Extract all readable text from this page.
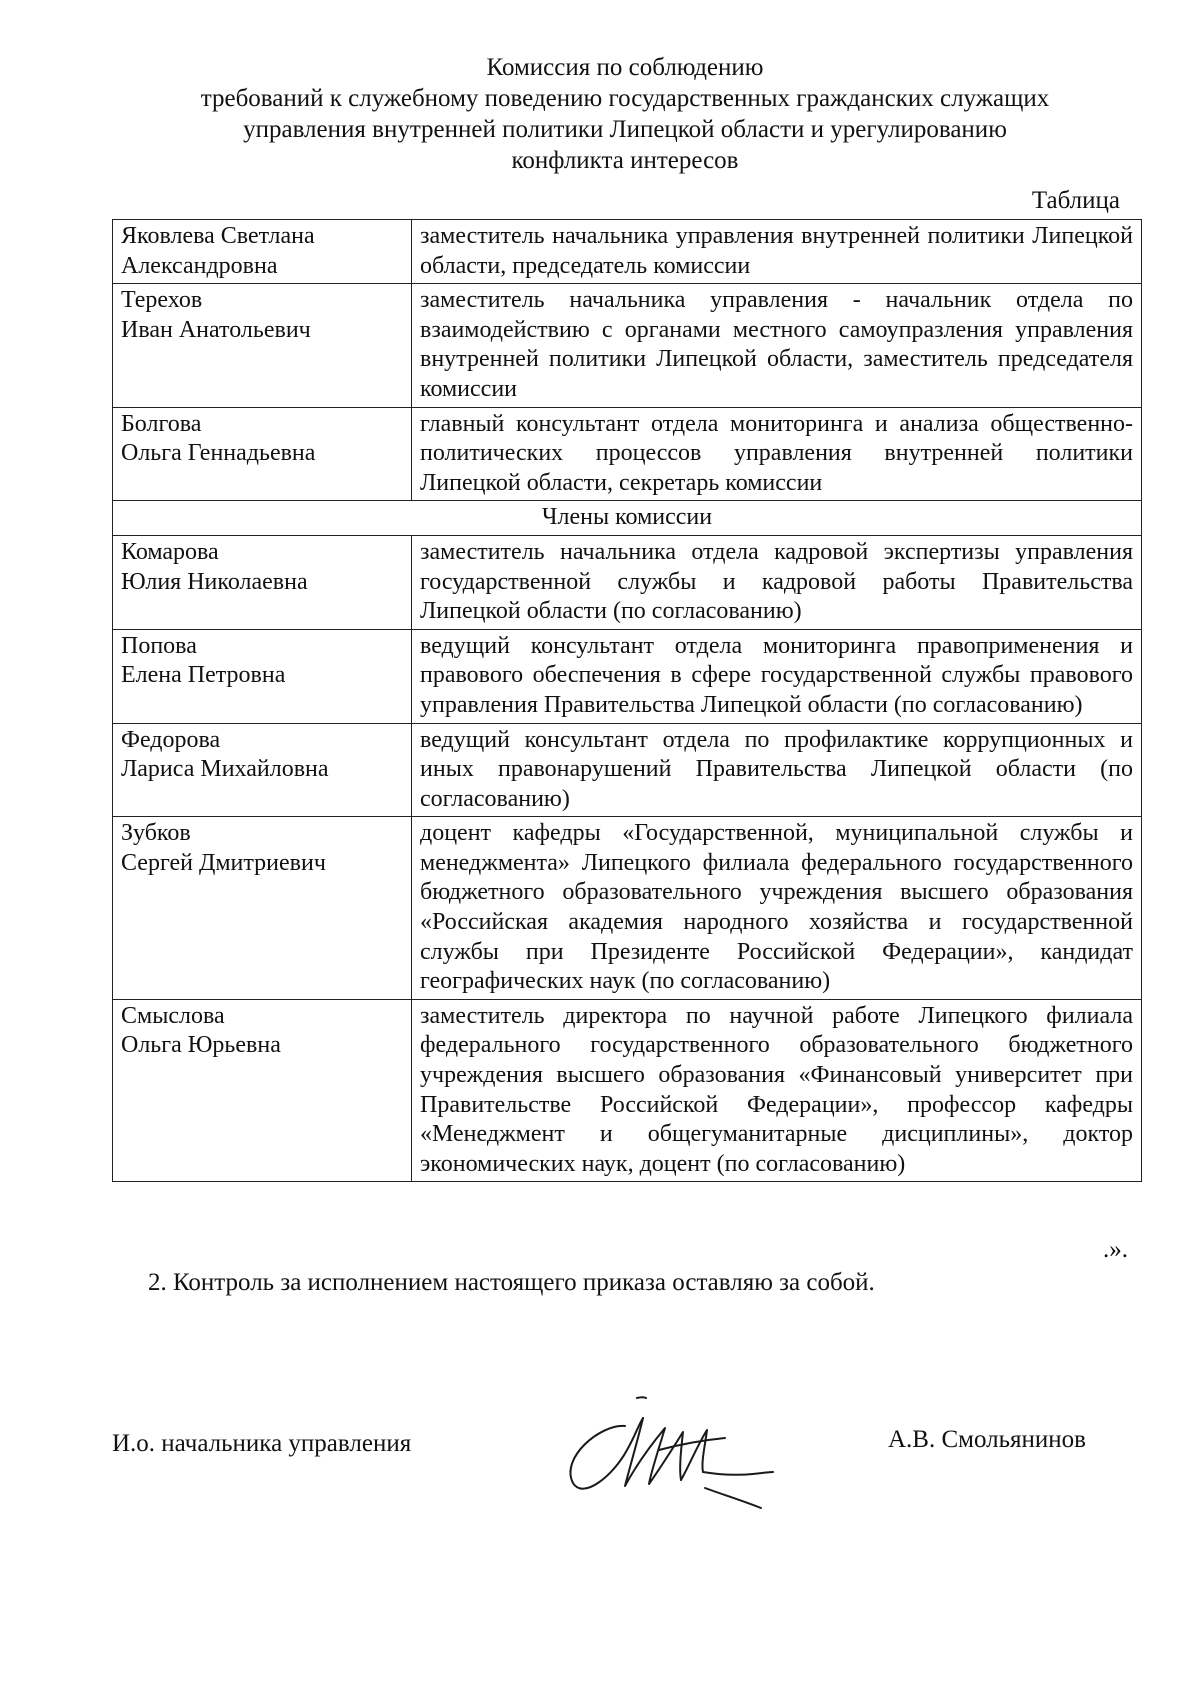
Комиссия по соблюдению
требований к служебному поведению государственных гражданских служащих
управления внутренней политики Липецкой области и урегулированию
конфликта интересов
Таблица
Яковлева Светлана
Александровна	заместитель начальника управления внутренней политики Липецкой области, председатель комиссии

Терехов
Иван Анатольевич	заместитель начальника управления - начальник отдела по взаимодействию с органами местного самоупразления управления внутренней политики Липецкой области, заместитель председателя комиссии

Болгова
Ольга Геннадьевна	главный консультант отдела мониторинга и анализа общественно-политических процессов управления внутренней политики Липецкой области, секретарь комиссии
Члены комиссии	

Комарова
Юлия Николаевна	заместитель начальника отдела кадровой экспертизы управления государственной службы и кадровой работы Правительства Липецкой области (по согласованию)

Попова
Елена Петровна	ведущий консультант отдела мониторинга правоприменения и правового обеспечения в сфере государственной службы правового управления Правительства Липецкой области (по согласованию)

Федорова
Лариса Михайловна	ведущий консультант отдела по профилактике коррупционных и иных правонарушений Правительства Липецкой области (по согласованию)

Зубков
Сергей Дмитриевич	доцент кафедры «Государственной, муниципальной службы и менеджмента» Липецкого филиала федерального государственного бюджетного образовательного учреждения высшего образования «Российская академия народного хозяйства и государственной службы при Президенте Российской Федерации», кандидат географических наук (по согласованию)

Смыслова
Ольга Юрьевна	заместитель директора по научной работе Липецкого филиала федерального государственного образовательного бюджетного учреждения высшего образования «Финансовый университет при Правительстве Российской Федерации», профессор кафедры «Менеджмент и общегуманитарные дисциплины», доктор экономических наук, доцент (по согласованию)
.».
2. Контроль за исполнением настоящего приказа оставляю за собой.
И.о. начальника управления	А.В. Смольянинов
